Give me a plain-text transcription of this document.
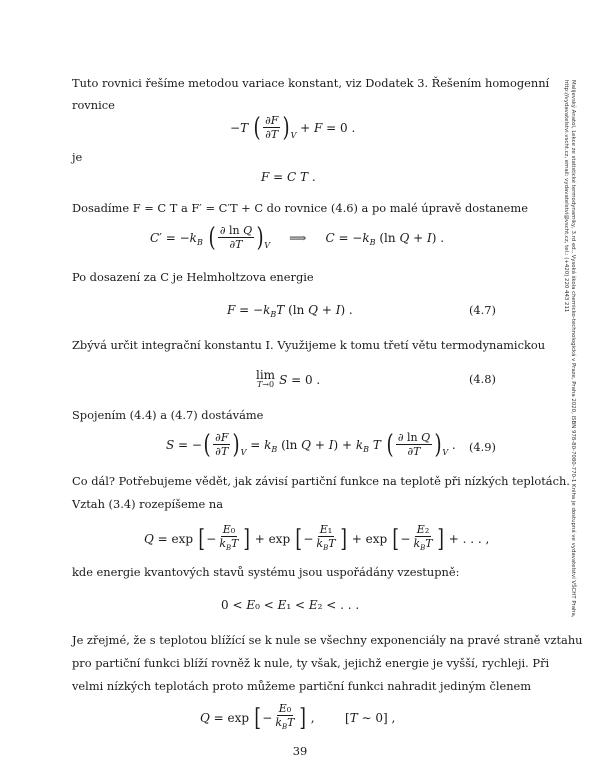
Tuto rovnici řešíme metodou variace konstant, viz Dodatek 3. Řešením homogenní
rovnice
−T ( ∂F
∂T ) V
+ F = 0 .
je
F = C T .
Dosadíme F = C T a F′ = C′T + C do rovnice (4.6) a po malé úpravě dostaneme
$C' = -k_B$ ( ∂ ln Q
∂T ) V
⟹     $C = -k_B$ (ln Q + I) .
Po dosazení za C je Helmholtzova energie
$F = -k_BT$ (ln Q + I) .	(4.7)
Zbývá určit integrační konstantu I. Využijeme k tomu třetí větu termodynamickou
lim
T→0 S = 0 .	(4.8)
Spojením (4.4) a (4.7) dostáváme
S = − ( ∂F
∂T ) V
= $k_B$ (ln $Q + I) + k_B$ T ( ∂ ln Q
∂T ) V
. (4.9)
Co dál? Potřebujeme vědět, jak závisí partiční funkce na teplotě při nízkých teplotách.
Vztah (3.4) rozepíšeme na
Q = exp [ −
E₀
$k_BT$ ] + exp [ −
E₁
$k_BT$ ] + exp [ −
E₂
$k_BT$ ] + . . . ,
kde energie kvantových stavů systému jsou uspořádány vzestupně:
0 < E₀ < E₁ < E₂ < . . .
Je zřejmé, že s teplotou blížící se k nule se všechny exponenciály na pravé straně vztahu
pro partiční funkci blíží rovněž k nule, ty však, jejichž energie je vyšší, rychleji. Při
velmi nízkých teplotách proto můžeme partiční funkci nahradit jediným členem
Q = exp [ −
E₀
$k_BT$ ] ,        [T ∼ 0] ,
39
Malijevský Anatol, Lekce ze statistické termodynamiky, 3.rd ed., Vysoká škola chemicko-technologická v Praze, Praha 2020, ISBN 978-80-7080-770-1 Kniha je dostupná ve vydavatelství VŠCHT Praha, http://vydavatelstvi.vscht.cz, email: vydavatelstvi@vscht.cz, tel.: (+420) 220 443 211
